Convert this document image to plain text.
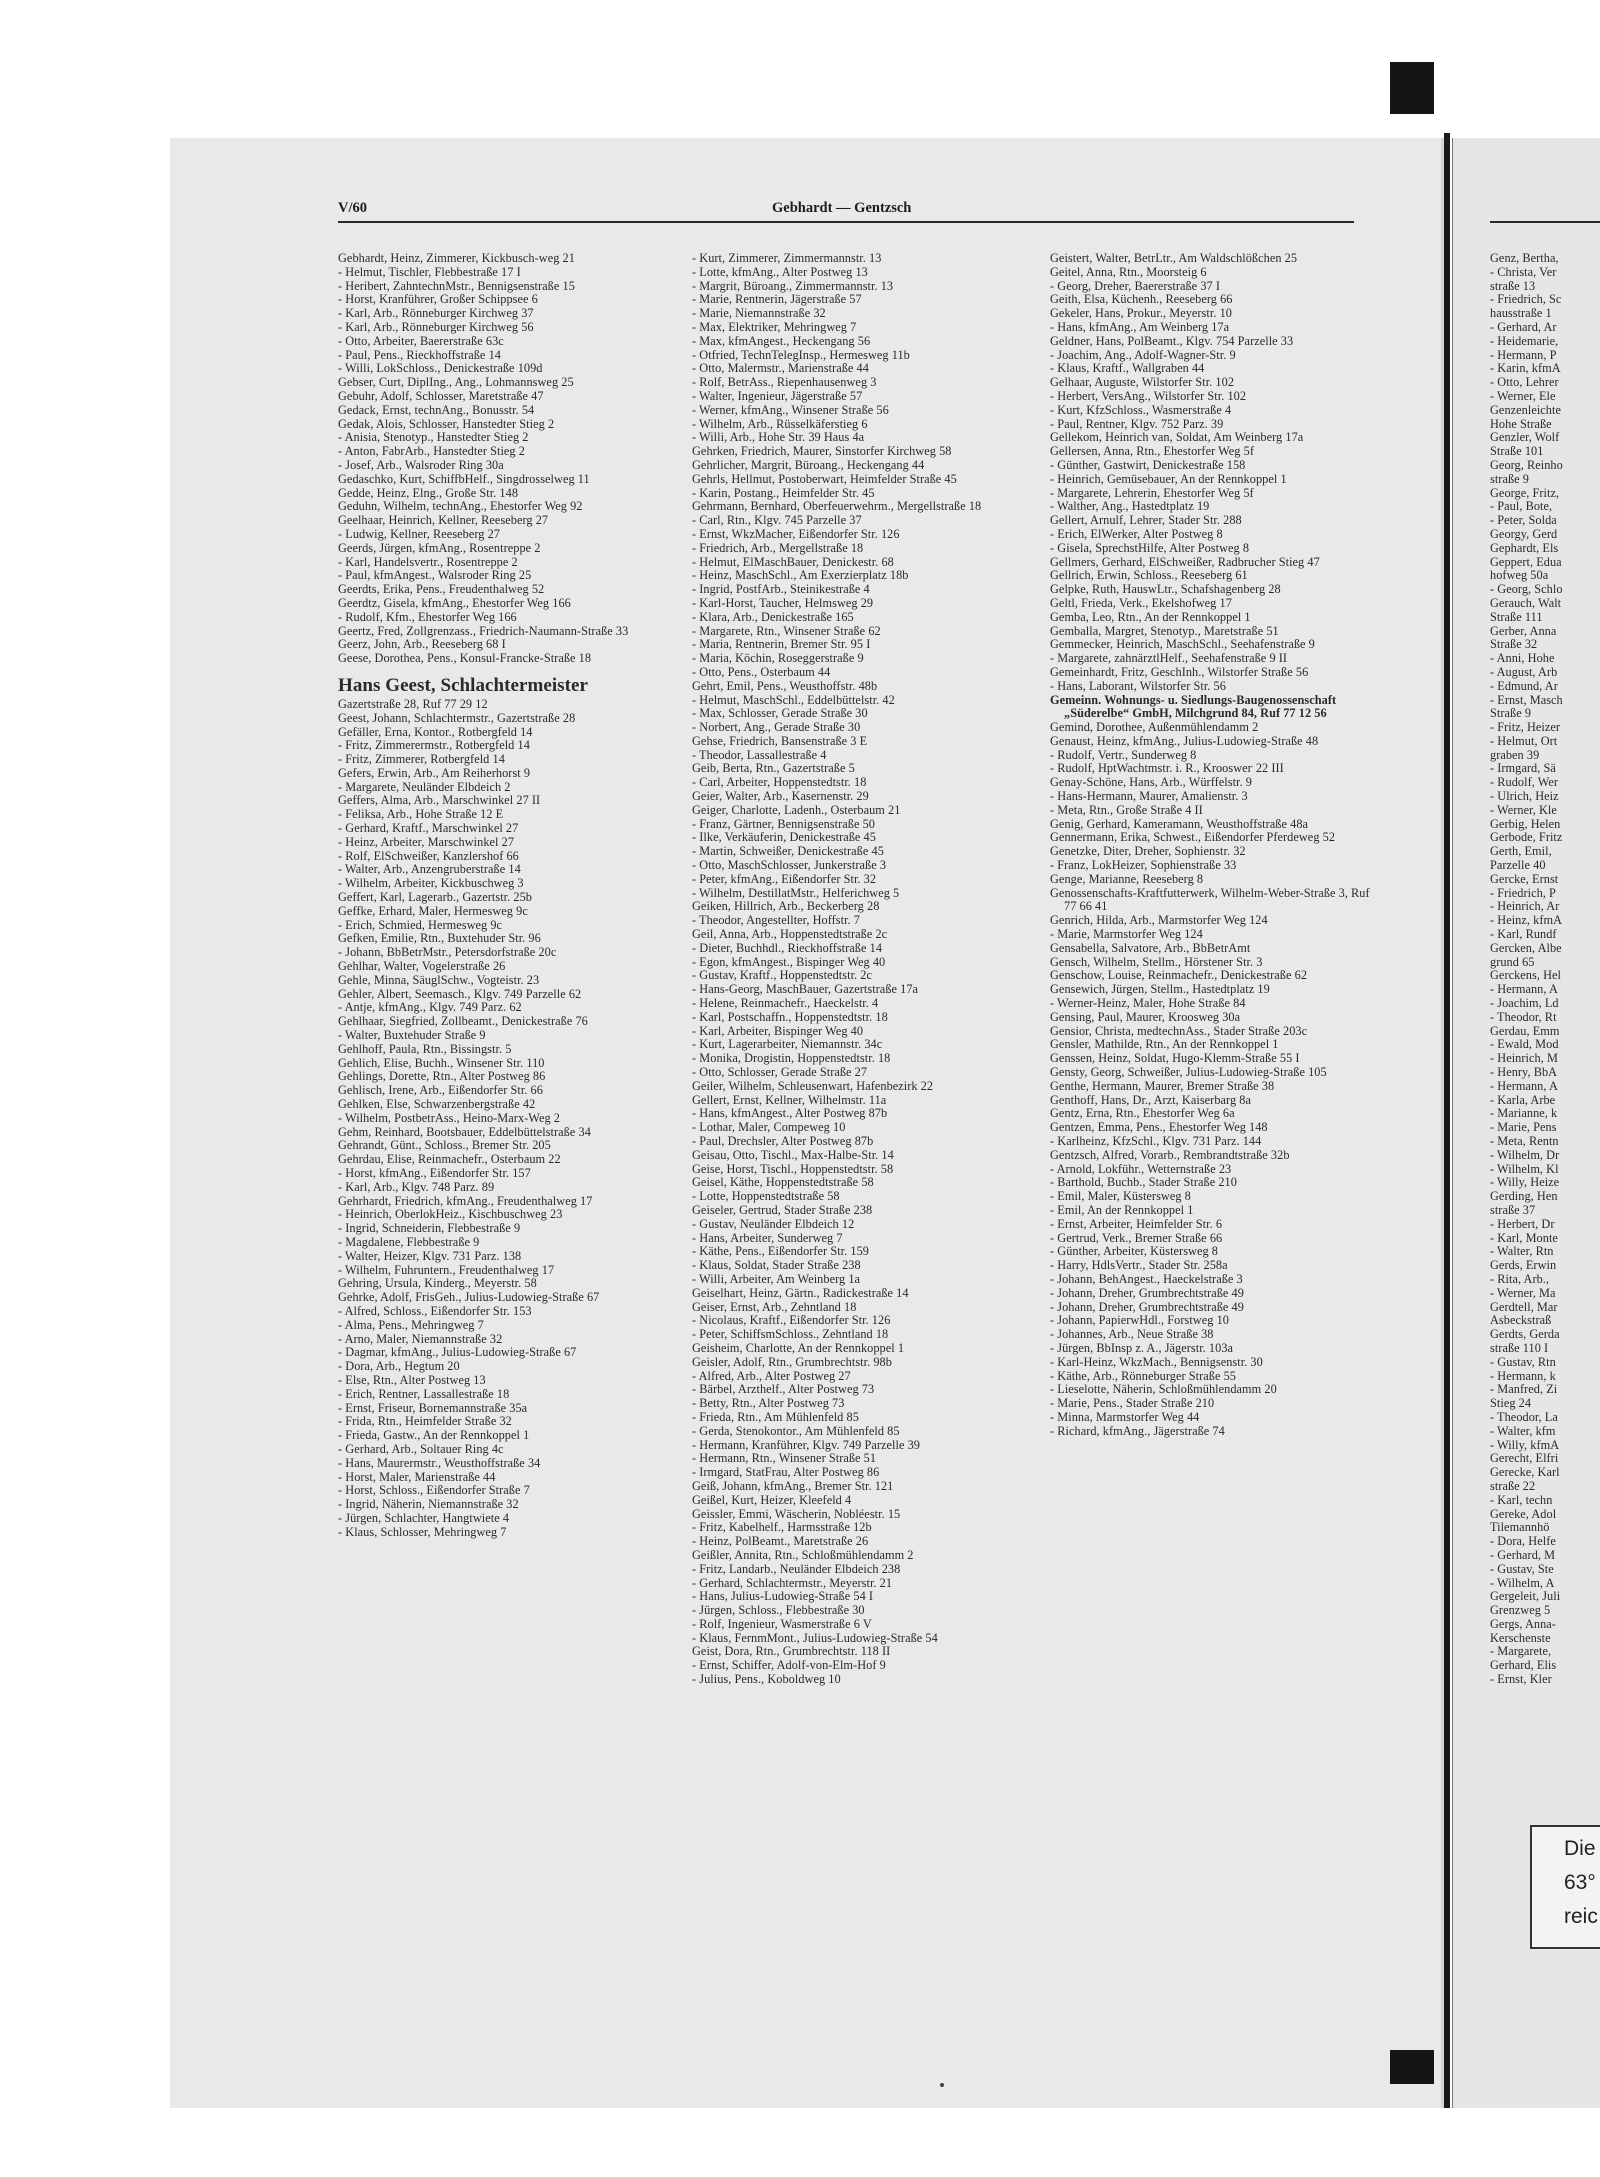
V/60	Gebhardt — Gentzsch

Gebhardt, Heinz, Zimmerer, Kickbusch-weg 21

- Helmut, Tischler, Flebbestraße 17 I

- Heribert, ZahntechnMstr., Bennigsenstraße 15

- Horst, Kranführer, Großer Schippsee 6

- Karl, Arb., Rönneburger Kirchweg 37

- Karl, Arb., Rönneburger Kirchweg 56

- Otto, Arbeiter, Baererstraße 63c

- Paul, Pens., Rieckhoffstraße 14

- Willi, LokSchloss., Denickestraße 109d

Gebser, Curt, DiplIng., Ang., Lohmannsweg 25

Gebuhr, Adolf, Schlosser, Maretstraße 47

Gedack, Ernst, technAng., Bonusstr. 54

Gedak, Alois, Schlosser, Hanstedter Stieg 2

- Anisia, Stenotyp., Hanstedter Stieg 2

- Anton, FabrArb., Hanstedter Stieg 2

- Josef, Arb., Walsroder Ring 30a

Gedaschko, Kurt, SchiffbHelf., Singdrosselweg 11

Gedde, Heinz, Elng., Große Str. 148

Geduhn, Wilhelm, technAng., Ehestorfer Weg 92

Geelhaar, Heinrich, Kellner, Reeseberg 27

- Ludwig, Kellner, Reeseberg 27

Geerds, Jürgen, kfmAng., Rosentreppe 2

- Karl, Handelsvertr., Rosentreppe 2

- Paul, kfmAngest., Walsroder Ring 25

Geerdts, Erika, Pens., Freudenthalweg 52

Geerdtz, Gisela, kfmAng., Ehestorfer Weg 166

- Rudolf, Kfm., Ehestorfer Weg 166

Geertz, Fred, Zollgrenzass., Friedrich-Naumann-Straße 33

Geerz, John, Arb., Reeseberg 68 I

Geese, Dorothea, Pens., Konsul-Francke-Straße 18

Hans Geest, Schlachtermeister

Gazertstraße 28, Ruf 77 29 12

Geest, Johann, Schlachtermstr., Gazertstraße 28

Gefäller, Erna, Kontor., Rotbergfeld 14

- Fritz, Zimmerermstr., Rotbergfeld 14

- Fritz, Zimmerer, Rotbergfeld 14

Gefers, Erwin, Arb., Am Reiherhorst 9

- Margarete, Neuländer Elbdeich 2

Geffers, Alma, Arb., Marschwinkel 27 II

- Feliksa, Arb., Hohe Straße 12 E

- Gerhard, Kraftf., Marschwinkel 27

- Heinz, Arbeiter, Marschwinkel 27

- Rolf, ElSchweißer, Kanzlershof 66

- Walter, Arb., Anzengruberstraße 14

- Wilhelm, Arbeiter, Kickbuschweg 3

Geffert, Karl, Lagerarb., Gazertstr. 25b

Geffke, Erhard, Maler, Hermesweg 9c

- Erich, Schmied, Hermesweg 9c

Gefken, Emilie, Rtn., Buxtehuder Str. 96

- Johann, BbBetrMstr., Petersdorfstraße 20c

Gehlhar, Walter, Vogelerstraße 26

Gehle, Minna, SäuglSchw., Vogteistr. 23

Gehler, Albert, Seemasch., Klgv. 749 Parzelle 62

- Antje, kfmAng., Klgv. 749 Parz. 62

Gehlhaar, Siegfried, Zollbeamt., Denickestraße 76

- Walter, Buxtehuder Straße 9

Gehlhoff, Paula, Rtn., Bissingstr. 5

Gehlich, Elise, Buchh., Winsener Str. 110

Gehlings, Dorette, Rtn., Alter Postweg 86

Gehlisch, Irene, Arb., Eißendorfer Str. 66

Gehlken, Else, Schwarzenbergstraße 42

- Wilhelm, PostbetrAss., Heino-Marx-Weg 2

Gehm, Reinhard, Bootsbauer, Eddelbüttelstraße 34

Gehrandt, Günt., Schloss., Bremer Str. 205

Gehrdau, Elise, Reinmachefr., Osterbaum 22

- Horst, kfmAng., Eißendorfer Str. 157

- Karl, Arb., Klgv. 748 Parz. 89

Gehrhardt, Friedrich, kfmAng., Freudenthalweg 17

- Heinrich, OberlokHeiz., Kischbuschweg 23

- Ingrid, Schneiderin, Flebbestraße 9

- Magdalene, Flebbestraße 9

- Walter, Heizer, Klgv. 731 Parz. 138

- Wilhelm, Fuhruntern., Freudenthalweg 17

Gehring, Ursula, Kinderg., Meyerstr. 58

Gehrke, Adolf, FrisGeh., Julius-Ludowieg-Straße 67

- Alfred, Schloss., Eißendorfer Str. 153

- Alma, Pens., Mehringweg 7

- Arno, Maler, Niemannstraße 32

- Dagmar, kfmAng., Julius-Ludowieg-Straße 67

- Dora, Arb., Hegtum 20

- Else, Rtn., Alter Postweg 13

- Erich, Rentner, Lassallestraße 18

- Ernst, Friseur, Bornemannstraße 35a

- Frida, Rtn., Heimfelder Straße 32

- Frieda, Gastw., An der Rennkoppel 1

- Gerhard, Arb., Soltauer Ring 4c

- Hans, Maurermstr., Weusthoffstraße 34

- Horst, Maler, Marienstraße 44

- Horst, Schloss., Eißendorfer Straße 7

- Ingrid, Näherin, Niemannstraße 32

- Jürgen, Schlachter, Hangtwiete 4

- Klaus, Schlosser, Mehringweg 7

- Kurt, Zimmerer, Zimmermannstr. 13

- Lotte, kfmAng., Alter Postweg 13

- Margrit, Büroang., Zimmermannstr. 13

- Marie, Rentnerin, Jägerstraße 57

- Marie, Niemannstraße 32

- Max, Elektriker, Mehringweg 7

- Max, kfmAngest., Heckengang 56

- Otfried, TechnTelegInsp., Hermesweg 11b

- Otto, Malermstr., Marienstraße 44

- Rolf, BetrAss., Riepenhausenweg 3

- Walter, Ingenieur, Jägerstraße 57

- Werner, kfmAng., Winsener Straße 56

- Wilhelm, Arb., Rüsselkäferstieg 6

- Willi, Arb., Hohe Str. 39 Haus 4a

Gehrken, Friedrich, Maurer, Sinstorfer Kirchweg 58

Gehrlicher, Margrit, Büroang., Heckengang 44

Gehrls, Hellmut, Postoberwart, Heimfelder Straße 45

- Karin, Postang., Heimfelder Str. 45

Gehrmann, Bernhard, Oberfeuerwehrm., Mergellstraße 18

- Carl, Rtn., Klgv. 745 Parzelle 37

- Ernst, WkzMacher, Eißendorfer Str. 126

- Friedrich, Arb., Mergellstraße 18

- Helmut, ElMaschBauer, Denickestr. 68

- Heinz, MaschSchl., Am Exerzierplatz 18b

- Ingrid, PostfArb., Steinikestraße 4

- Karl-Horst, Taucher, Helmsweg 29

- Klara, Arb., Denickestraße 165

- Margarete, Rtn., Winsener Straße 62

- Maria, Rentnerin, Bremer Str. 95 I

- Maria, Köchin, Roseggerstraße 9

- Otto, Pens., Osterbaum 44

Gehrt, Emil, Pens., Weusthoffstr. 48b

- Helmut, MaschSchl., Eddelbüttelstr. 42

- Max, Schlosser, Gerade Straße 30

- Norbert, Ang., Gerade Straße 30

Gehse, Friedrich, Bansenstraße 3 E

- Theodor, Lassallestraße 4

Geib, Berta, Rtn., Gazertstraße 5

- Carl, Arbeiter, Hoppenstedtstr. 18

Geier, Walter, Arb., Kasernenstr. 29

Geiger, Charlotte, Ladenh., Osterbaum 21

- Franz, Gärtner, Bennigsenstraße 50

- Ilke, Verkäuferin, Denickestraße 45

- Martin, Schweißer, Denickestraße 45

- Otto, MaschSchlosser, Junkerstraße 3

- Peter, kfmAng., Eißendorfer Str. 32

- Wilhelm, DestillatMstr., Helferichweg 5

Geiken, Hillrich, Arb., Beckerberg 28

- Theodor, Angestellter, Hoffstr. 7

Geil, Anna, Arb., Hoppenstedtstraße 2c

- Dieter, Buchhdl., Rieckhoffstraße 14

- Egon, kfmAngest., Bispinger Weg 40

- Gustav, Kraftf., Hoppenstedtstr. 2c

- Hans-Georg, MaschBauer, Gazertstraße 17a

- Helene, Reinmachefr., Haeckelstr. 4

- Karl, Postschaffn., Hoppenstedtstr. 18

- Karl, Arbeiter, Bispinger Weg 40

- Kurt, Lagerarbeiter, Niemannstr. 34c

- Monika, Drogistin, Hoppenstedtstr. 18

- Otto, Schlosser, Gerade Straße 27

Geiler, Wilhelm, Schleusenwart, Hafenbezirk 22

Gellert, Ernst, Kellner, Wilhelmstr. 11a

- Hans, kfmAngest., Alter Postweg 87b

- Lothar, Maler, Compeweg 10

- Paul, Drechsler, Alter Postweg 87b

Geisau, Otto, Tischl., Max-Halbe-Str. 14

Geise, Horst, Tischl., Hoppenstedtstr. 58

Geisel, Käthe, Hoppenstedtstraße 58

- Lotte, Hoppenstedtstraße 58

Geiseler, Gertrud, Stader Straße 238

- Gustav, Neuländer Elbdeich 12

- Hans, Arbeiter, Sunderweg 7

- Käthe, Pens., Eißendorfer Str. 159

- Klaus, Soldat, Stader Straße 238

- Willi, Arbeiter, Am Weinberg 1a

Geiselhart, Heinz, Gärtn., Radickestraße 14

Geiser, Ernst, Arb., Zehntland 18

- Nicolaus, Kraftf., Eißendorfer Str. 126

- Peter, SchiffsmSchloss., Zehntland 18

Geisheim, Charlotte, An der Rennkoppel 1

Geisler, Adolf, Rtn., Grumbrechtstr. 98b

- Alfred, Arb., Alter Postweg 27

- Bärbel, Arzthelf., Alter Postweg 73

- Betty, Rtn., Alter Postweg 73

- Frieda, Rtn., Am Mühlenfeld 85

- Gerda, Stenokontor., Am Mühlenfeld 85

- Hermann, Kranführer, Klgv. 749 Parzelle 39

- Hermann, Rtn., Winsener Straße 51

- Irmgard, StatFrau, Alter Postweg 86

Geiß, Johann, kfmAng., Bremer Str. 121

Geißel, Kurt, Heizer, Kleefeld 4

Geissler, Emmi, Wäscherin, Nobléestr. 15

- Fritz, Kabelhelf., Harmsstraße 12b

- Heinz, PolBeamt., Maretstraße 26

Geißler, Annita, Rtn., Schloßmühlendamm 2

- Fritz, Landarb., Neuländer Elbdeich 238

- Gerhard, Schlachtermstr., Meyerstr. 21

- Hans, Julius-Ludowieg-Straße 54 I

- Jürgen, Schloss., Flebbestraße 30

- Rolf, Ingenieur, Wasmerstraße 6 V

- Klaus, FernmMont., Julius-Ludowieg-Straße 54

Geist, Dora, Rtn., Grumbrechtstr. 118 II

- Ernst, Schiffer, Adolf-von-Elm-Hof 9

- Julius, Pens., Koboldweg 10

Geistert, Walter, BetrLtr., Am Waldschlößchen 25

Geitel, Anna, Rtn., Moorsteig 6

- Georg, Dreher, Baererstraße 37 I

Geith, Elsa, Küchenh., Reeseberg 66

Gekeler, Hans, Prokur., Meyerstr. 10

- Hans, kfmAng., Am Weinberg 17a

Geldner, Hans, PolBeamt., Klgv. 754 Parzelle 33

- Joachim, Ang., Adolf-Wagner-Str. 9

- Klaus, Kraftf., Wallgraben 44

Gelhaar, Auguste, Wilstorfer Str. 102

- Herbert, VersAng., Wilstorfer Str. 102

- Kurt, KfzSchloss., Wasmerstraße 4

- Paul, Rentner, Klgv. 752 Parz. 39

Gellekom, Heinrich van, Soldat, Am Weinberg 17a

Gellersen, Anna, Rtn., Ehestorfer Weg 5f

- Günther, Gastwirt, Denickestraße 158

- Heinrich, Gemüsebauer, An der Rennkoppel 1

- Margarete, Lehrerin, Ehestorfer Weg 5f

- Walther, Ang., Hastedtplatz 19

Gellert, Arnulf, Lehrer, Stader Str. 288

- Erich, ElWerker, Alter Postweg 8

- Gisela, SprechstHilfe, Alter Postweg 8

Gellmers, Gerhard, ElSchweißer, Radbrucher Stieg 47

Gellrich, Erwin, Schloss., Reeseberg 61

Gelpke, Ruth, HauswLtr., Schafshagenberg 28

Geltl, Frieda, Verk., Ekelshofweg 17

Gemba, Leo, Rtn., An der Rennkoppel 1

Gemballa, Margret, Stenotyp., Maretstraße 51

Gemmecker, Heinrich, MaschSchl., Seehafenstraße 9

- Margarete, zahnärztlHelf., Seehafenstraße 9 II

Gemeinhardt, Fritz, GeschInh., Wilstorfer Straße 56

- Hans, Laborant, Wilstorfer Str. 56

Gemeinn. Wohnungs- u. Siedlungs-Baugenossenschaft „Süderelbe“ GmbH, Milchgrund 84, Ruf 77 12 56

Gemind, Dorothee, Außenmühlendamm 2

Genaust, Heinz, kfmAng., Julius-Ludowieg-Straße 48

- Rudolf, Vertr., Sunderweg 8

- Rudolf, HptWachtmstr. i. R., Krooswег 22 III

Genay-Schöne, Hans, Arb., Würffelstr. 9

- Hans-Hermann, Maurer, Amalienstr. 3

- Meta, Rtn., Große Straße 4 II

Genig, Gerhard, Kameramann, Weusthoffstraße 48a

Gennermann, Erika, Schwest., Eißendorfer Pferdeweg 52

Genetzke, Diter, Dreher, Sophienstr. 32

- Franz, LokHeizer, Sophienstraße 33

Genge, Marianne, Reeseberg 8

Genossenschafts-Kraftfutterwerk, Wilhelm-Weber-Straße 3, Ruf 77 66 41

Genrich, Hilda, Arb., Marmstorfer Weg 124

- Marie, Marmstorfer Weg 124

Gensabella, Salvatore, Arb., BbBetrAmt

Gensch, Wilhelm, Stellm., Hörstener Str. 3

Genschow, Louise, Reinmachefr., Denickestraße 62

Gensewich, Jürgen, Stellm., Hastedtplatz 19

- Werner-Heinz, Maler, Hohe Straße 84

Gensing, Paul, Maurer, Kroosweg 30a

Gensior, Christa, medtechnAss., Stader Straße 203c

Gensler, Mathilde, Rtn., An der Rennkoppel 1

Genssen, Heinz, Soldat, Hugo-Klemm-Straße 55 I

Gensty, Georg, Schweißer, Julius-Ludowieg-Straße 105

Genthe, Hermann, Maurer, Bremer Straße 38

Genthoff, Hans, Dr., Arzt, Kaiserbarg 8a

Gentz, Erna, Rtn., Ehestorfer Weg 6a

Gentzen, Emma, Pens., Ehestorfer Weg 148

- Karlheinz, KfzSchl., Klgv. 731 Parz. 144

Gentzsch, Alfred, Vorarb., Rembrandtstraße 32b

- Arnold, Lokführ., Wetternstraße 23

- Barthold, Buchb., Stader Straße 210

- Emil, Maler, Küstersweg 8

- Emil, An der Rennkoppel 1

- Ernst, Arbeiter, Heimfelder Str. 6

- Gertrud, Verk., Bremer Straße 66

- Günther, Arbeiter, Küstersweg 8

- Harry, HdlsVertr., Stader Str. 258a

- Johann, BehAngest., Haeckelstraße 3

- Johann, Dreher, Grumbrechtstraße 49

- Johann, Dreher, Grumbrechtstraße 49

- Johann, PapierwHdl., Forstweg 10

- Johannes, Arb., Neue Straße 38

- Jürgen, BbInsp z. A., Jägerstr. 103a

- Karl-Heinz, WkzMach., Bennigsenstr. 30

- Käthe, Arb., Rönneburger Straße 55

- Lieselotte, Näherin, Schloßmühlendamm 20

- Marie, Pens., Stader Straße 210

- Minna, Marmstorfer Weg 44

- Richard, kfmAng., Jägerstraße 74

Genz, Bertha,

- Christa, Ver

straße 13

- Friedrich, Sc

hausstraße 1

- Gerhard, Ar

- Heidemarie,

- Hermann, P

- Karin, kfmA

- Otto, Lehrer

- Werner, Ele

Genzenleichte

Hohe Straße

Genzler, Wolf

Straße 101

Georg, Reinho

straße 9

George, Fritz,

- Paul, Bote,

- Peter, Solda

Georgy, Gerd

Gephardt, Els

Geppert, Edua

hofweg 50a

- Georg, Schlo

Gerauch, Walt

Straße 111

Gerber, Anna

Straße 32

- Anni, Hohe

- August, Arb

- Edmund, Ar

- Ernst, Masch

Straße 9

- Fritz, Heizer

- Helmut, Ort

graben 39

- Irmgard, Sä

- Rudolf, Wer

- Ulrich, Heiz

- Werner, Kle

Gerbig, Helen

Gerbode, Fritz

Gerth, Emil,

Parzelle 40

Gercke, Ernst

- Friedrich, P

- Heinrich, Ar

- Heinz, kfmA

- Karl, Rundf

Gercken, Albe

grund 65

Gerckens, Hel

- Hermann, A

- Joachim, Ld

- Theodor, Rt

Gerdau, Emm

- Ewald, Mod

- Heinrich, M

- Henry, BbA

- Hermann, A

- Karla, Arbe

- Marianne, k

- Marie, Pens

- Meta, Rentn

- Wilhelm, Dr

- Wilhelm, Kl

- Willy, Heize

Gerding, Hen

straße 37

- Herbert, Dr

- Karl, Monte

- Walter, Rtn

Gerds, Erwin

- Rita, Arb.,

- Werner, Ma

Gerdtell, Mar

Asbeckstraß

Gerdts, Gerda

straße 110 I

- Gustav, Rtn

- Hermann, k

- Manfred, Zi

Stieg 24

- Theodor, La

- Walter, kfm

- Willy, kfmA

Gerecht, Elfri

Gerecke, Karl

straße 22

- Karl, techn

Gereke, Adol

Tilemannhö

- Dora, Helfe

- Gerhard, M

- Gustav, Ste

- Wilhelm, A

Gergeleit, Juli

Grenzweg 5

Gergs, Anna-

Kerschenste

- Margarete,

Gerhard, Elis

- Ernst, Kler

Die
63°
reic
